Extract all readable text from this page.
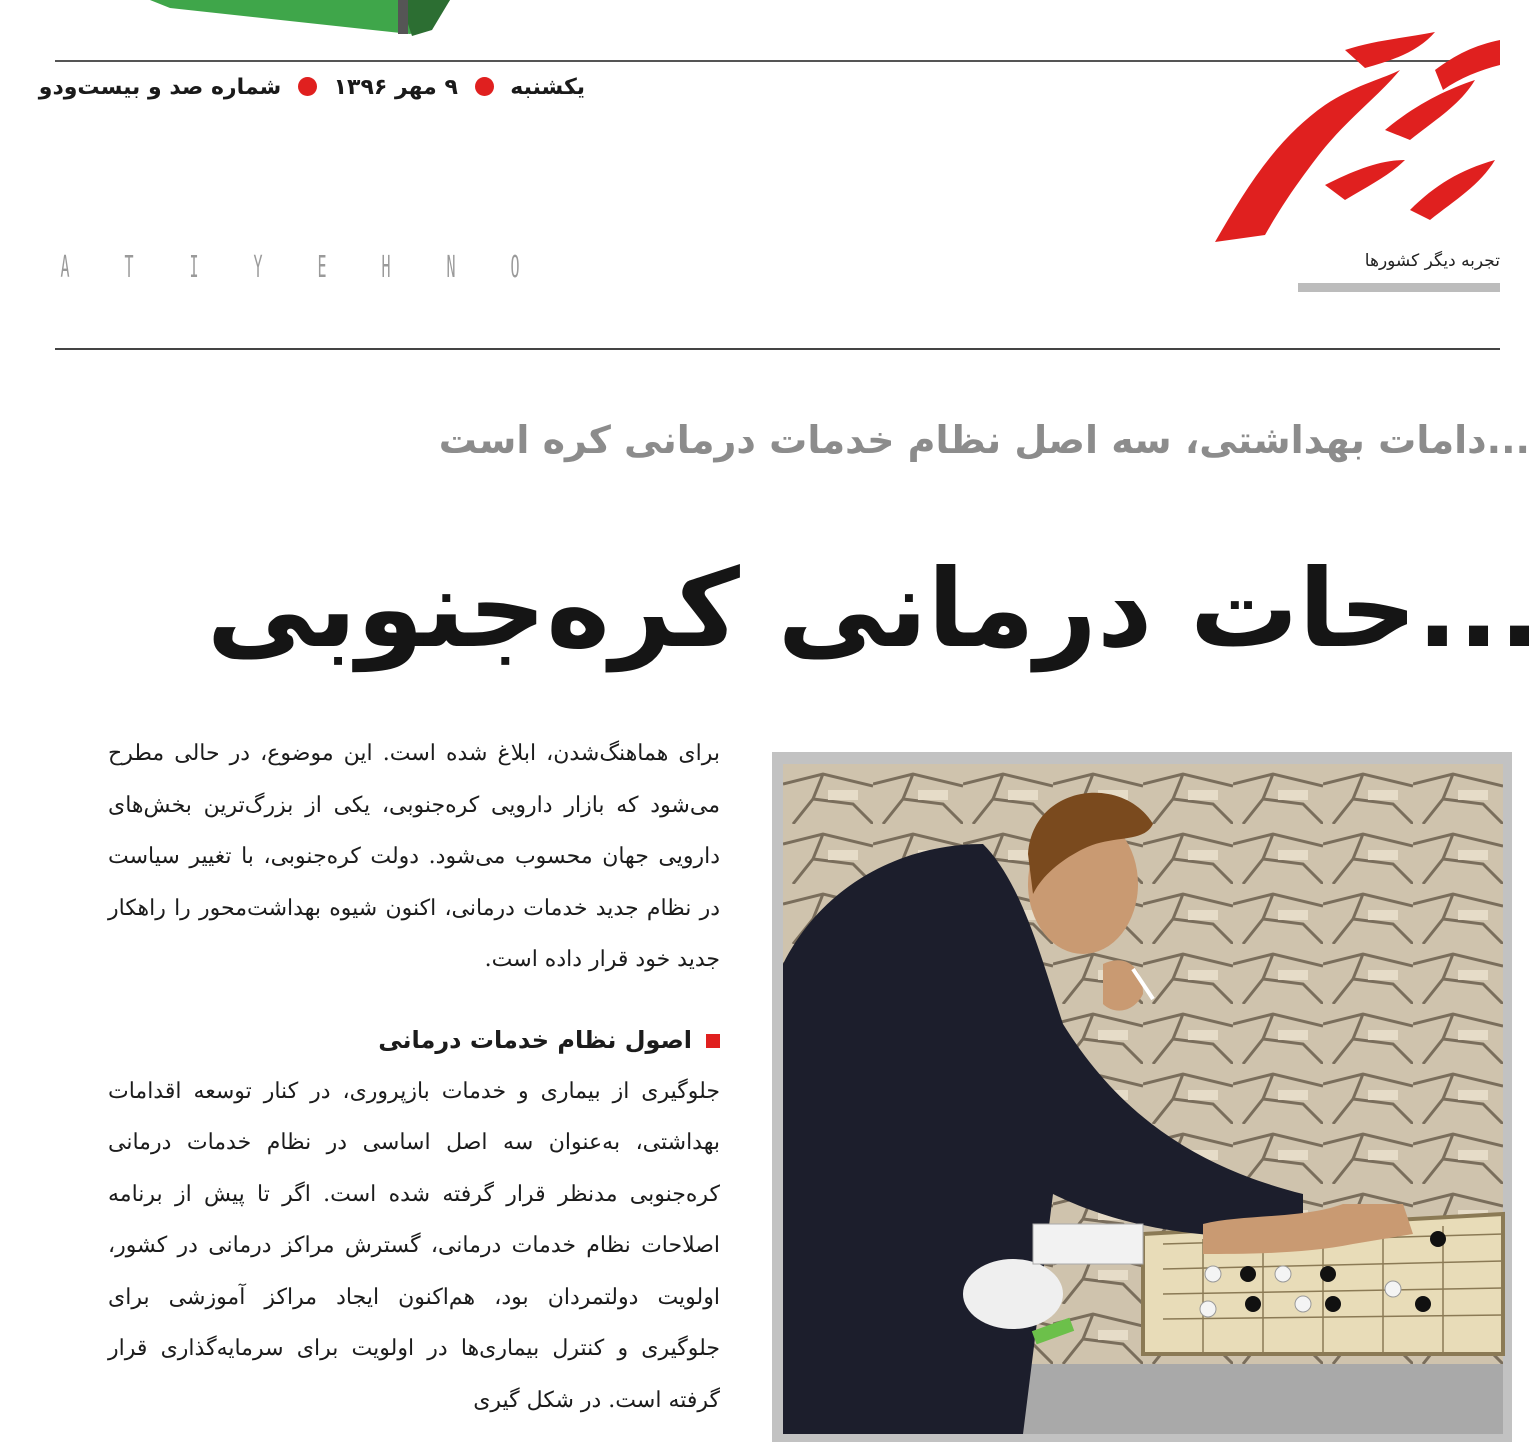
یکشنبه  ۹ مهر ۱۳۹۶  شماره صد و بیست‌ودو
تجربه دیگر کشورها
A T I Y E H N O
...دامات بهداشتی، سه اصل نظام خدمات درمانی کره است
...حات درمانی کره‌جنوبی

برای هماهنگ‌شدن، ابلاغ شده است. این موضوع، در حالی مطرح می‌شود که بازار دارویی کره‌جنوبی، یکی از بزرگ‌ترین بخش‌های دارویی جهان محسوب می‌شود. دولت کره‌جنوبی، با تغییر سیاست در نظام جدید خدمات درمانی، اکنون شیوه بهداشت‌محور را راهکار جدید خود قرار داده است.

اصول نظام خدمات درمانی

جلوگیری از بیماری و خدمات بازپروری، در کنار توسعه اقدامات بهداشتی، به‌عنوان سه اصل اساسی در نظام خدمات درمانی کره‌جنوبی مدنظر قرار گرفته شده است. اگر تا پیش از برنامه اصلاحات نظام خدمات درمانی، گسترش مراکز درمانی در کشور، اولویت دولتمردان بود، هم‌اکنون ایجاد مراکز آموزشی برای جلوگیری و کنترل بیماری‌ها در اولویت برای سرمایه‌گذاری قرار گرفته است. در شکل گیری
